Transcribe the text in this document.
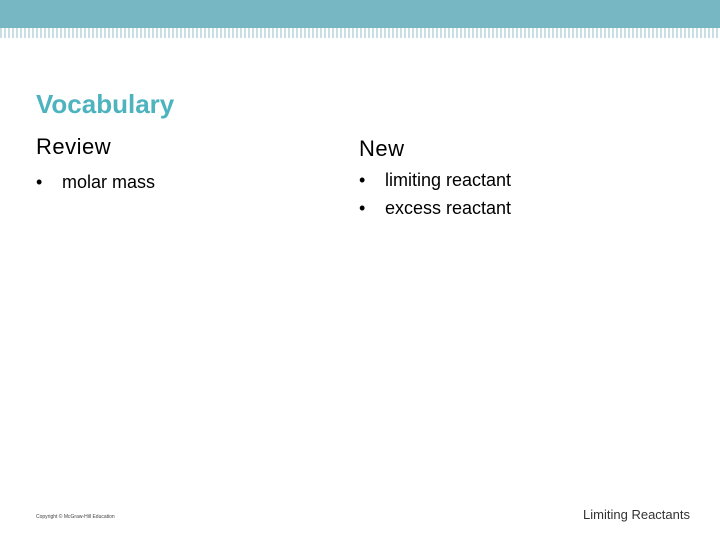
Vocabulary
Review
•	molar mass
New
•	limiting reactant
•	excess reactant
Copyright © McGraw-Hill Education	Limiting Reactants
